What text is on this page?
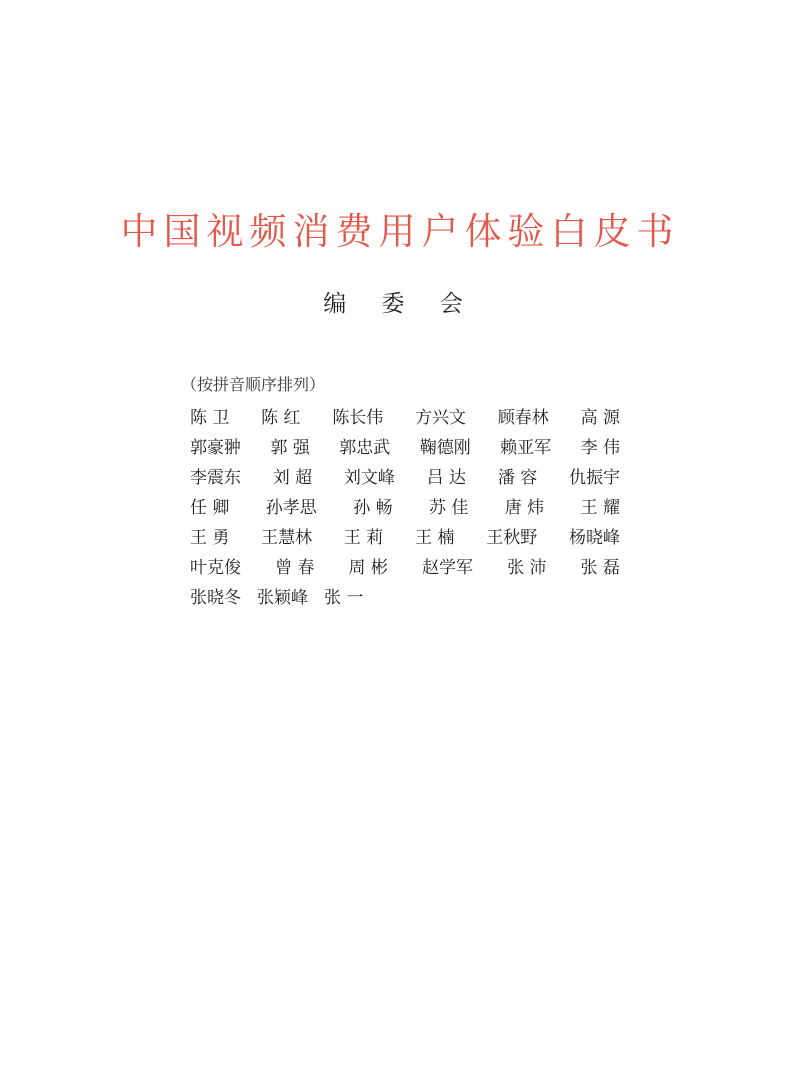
中国视频消费用户体验白皮书
编 委 会
（按拼音顺序排列）
陈 卫 陈 红 陈长伟 方兴文 顾春林 高 源
郭豪翀 郭 强 郭忠武 鞠德刚 赖亚军 李 伟
李震东 刘 超 刘文峰 吕 达 潘 容 仇振宇
任 卿 孙孝思 孙 畅 苏 佳 唐 炜 王 耀
王 勇 王慧林 王 莉 王 楠 王秋野 杨晓峰
叶克俊 曾 春 周 彬 赵学军 张 沛 张 磊
张晓冬 张颖峰 张 一
